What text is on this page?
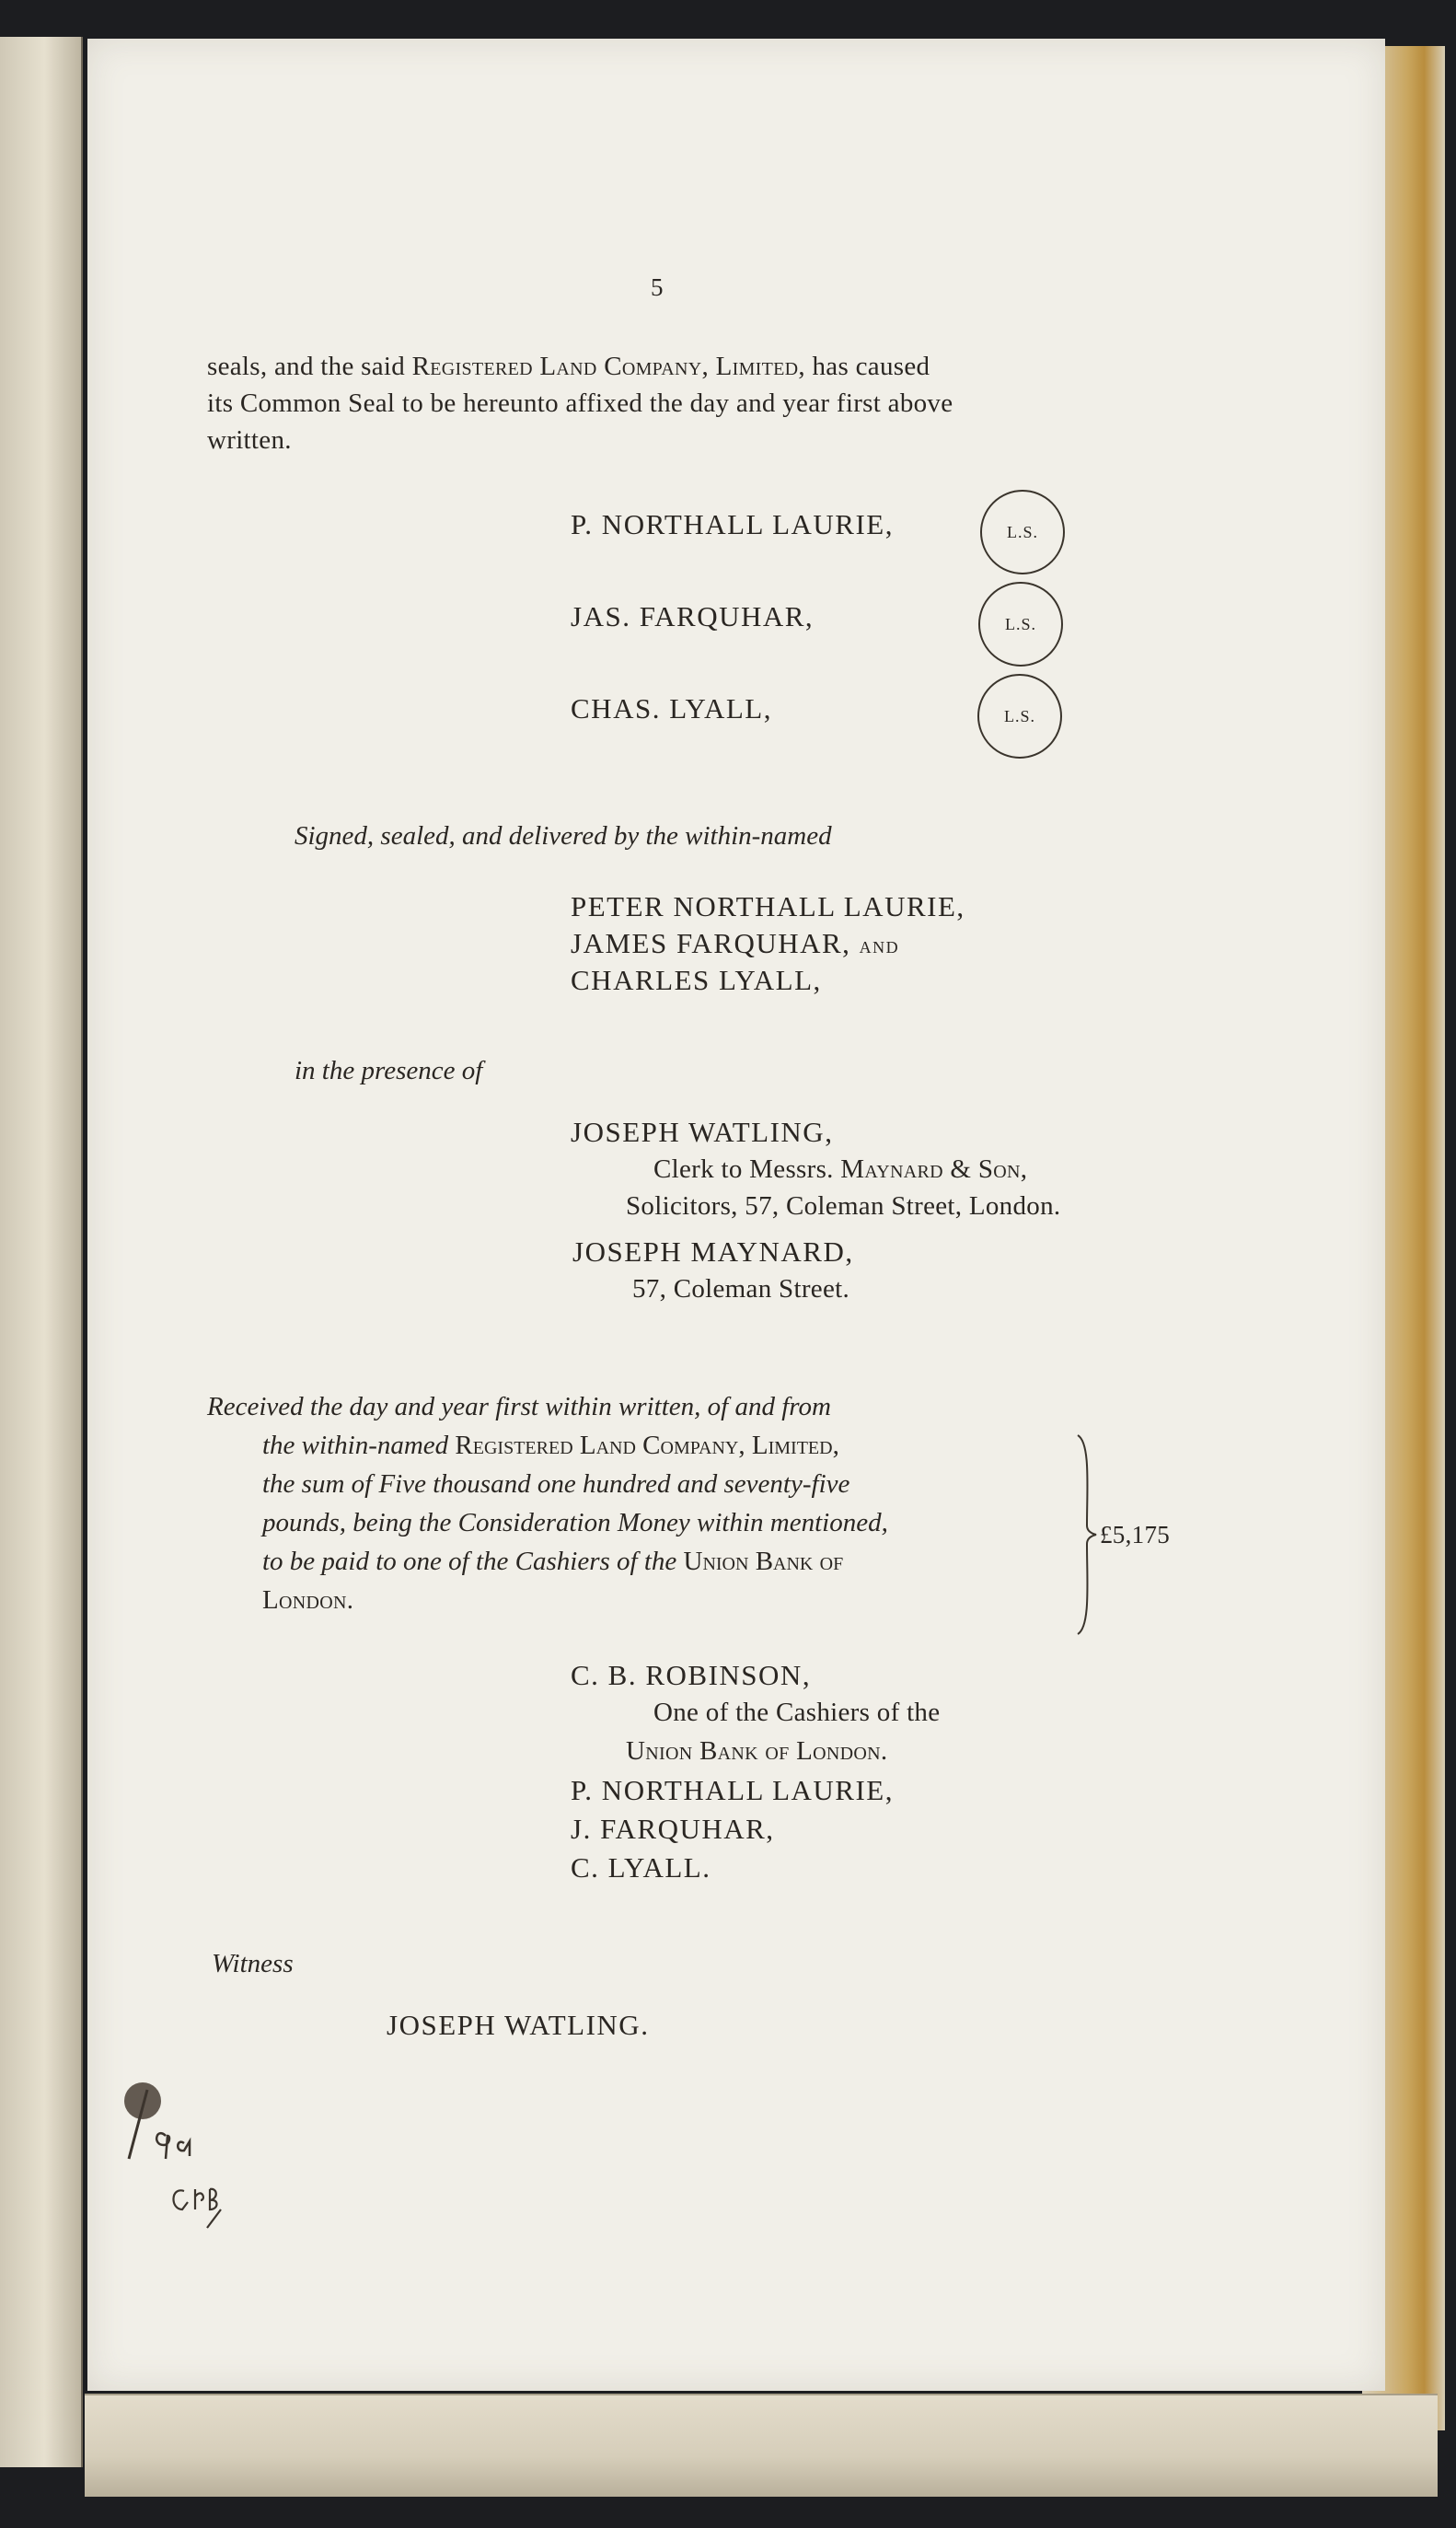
5
seals, and the said Registered Land Company, Limited, has caused
its Common Seal to be hereunto affixed the day and year first above
written.
P. NORTHALL LAURIE,	L.S.
JAS. FARQUHAR,	L.S.
CHAS. LYALL,	L.S.
Signed, sealed, and delivered by the within-named
PETER NORTHALL LAURIE,
JAMES FARQUHAR, and
CHARLES LYALL,
in the presence of
JOSEPH WATLING,
Clerk to Messrs. Maynard & Son,
Solicitors, 57, Coleman Street, London.
JOSEPH MAYNARD,
57, Coleman Street.
Received the day and year first within written, of and from
the within-named Registered Land Company, Limited,
the sum of Five thousand one hundred and seventy-five
pounds, being the Consideration Money within mentioned,
to be paid to one of the Cashiers of the Union Bank of
London.
£5,175
C. B. ROBINSON,
One of the Cashiers of the
Union Bank of London.
P. NORTHALL LAURIE,
J. FARQUHAR,
C. LYALL.
Witness
JOSEPH WATLING.
